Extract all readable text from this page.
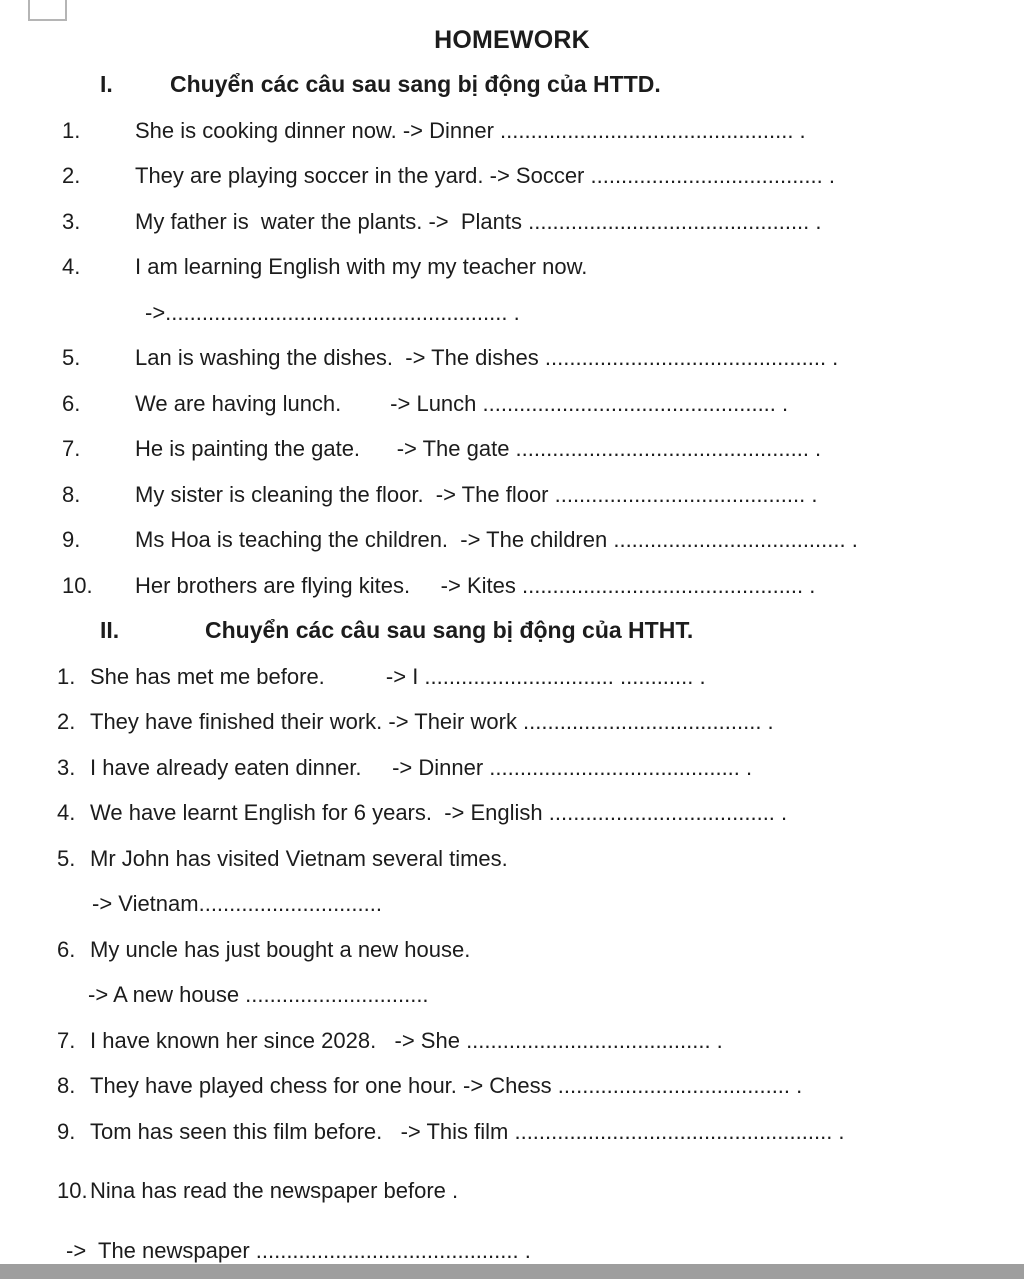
HOMEWORK
I.	Chuyển các câu sau sang bị động của HTTD.
1.	She is cooking dinner now. -> Dinner ................................................ .
2.	They are playing soccer in the yard. -> Soccer ...................................... .
3.	My father is  water the plants. ->  Plants .............................................. .
4.	I am learning English with my my teacher now.
->........................................................ .
5.	Lan is washing the dishes.  -> The dishes .............................................. .
6.	We are having lunch.        -> Lunch ................................................ .
7.	He is painting the gate.      -> The gate ................................................ .
8.	My sister is cleaning the floor.  -> The floor ......................................... .
9.	Ms Hoa is teaching the children.  -> The children ...................................... .
10.	Her brothers are flying kites.     -> Kites .............................................. .
II.	Chuyển các câu sau sang bị động của HTHT.
1. She has met me before.          -> I ............................... ............ .
2. They have finished their work. -> Their work ....................................... .
3. I have already eaten dinner.     -> Dinner ......................................... .
4. We have learnt English for 6 years.  -> English ..................................... .
5. Mr John has visited Vietnam several times.
-> Vietnam..............................
6. My uncle has just bought a new house.
-> A new house ..............................
7. I have known her since 2028.   -> She ........................................ .
8. They have played chess for one hour. -> Chess ...................................... .
9. Tom has seen this film before.   -> This film .................................................... .
10. Nina has read the newspaper before .
->  The newspaper ........................................... .
